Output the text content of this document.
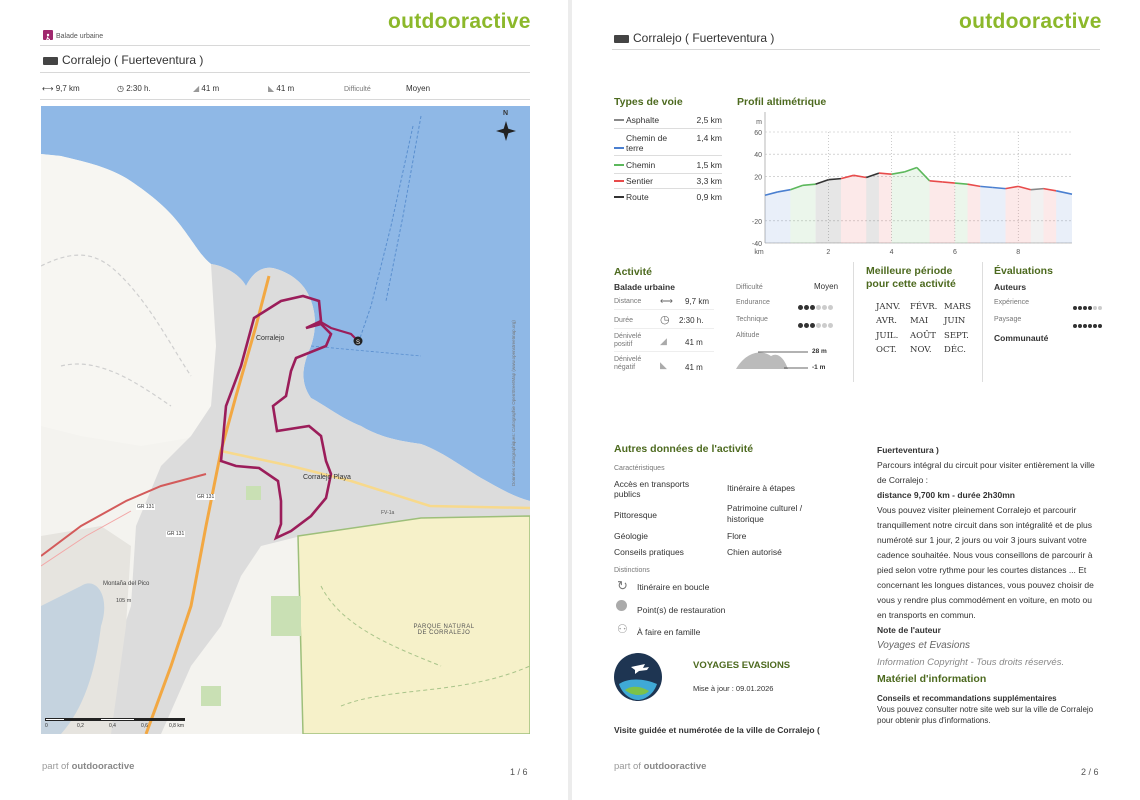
outdooractive
Balade urbaine
Corralejo ( Fuerteventura )
⟷ 9,7 km	◷ 2:30 h.	◢ 41 m	◣ 41 m	Difficulté	Moyen
S
N
Corralejo
Corralejo Playa
PARQUE NATURAL DE CORRALEJO
Montaña del Pico
105 m
GR 131
GR 131
GR 131
FV-1a
Données cartographiques: Cartographie OpenStreetMap (www.openstreetmap.org)
0	0,2	0,4	0,6	0,8 km
part of outdooractive	1 / 6
outdooractive
Corralejo ( Fuerteventura )
Types de voie
Asphalte	2,5 km
Chemin de terre
1,4 km
Chemin	1,5 km
Sentier	3,3 km
Route	0,9 km
Profil altimétrique
60
40
20
-20
-40
m
km	2	4	6	8
Activité
Balade urbaine
Distance ⟷ 9,7 km
Durée ◷ 2:30 h.
Dénivelé positif	◢ 41 m
Dénivelé négatif	◣ 41 m
Difficulté	Moyen
Endurance
Technique
Altitude
28 m
-1 m
Meilleure période pour cette activité
JANV. FÉVR. MARS
AVR. MAI JUIN
JUIL. AOÛT SEPT.
OCT. NOV. DÉC.
Évaluations
Auteurs
Expérience
Paysage
Communauté
Autres données de l'activité
Caractéristiques
Accès en transports publics
Itinéraire à étapes
Pittoresque
Patrimoine culturel / historique
Géologie	Flore
Conseils pratiques	Chien autorisé
Distinctions
↻ Itinéraire en boucle
Point(s) de restauration
⚇ À faire en famille
VOYAGES EVASIONS
Mise à jour : 09.01.2026
Visite guidée et numérotée de la ville de Corralejo (
Fuerteventura )
Parcours intégral du circuit pour visiter entièrement la ville de Corralejo :
distance 9,700 km - durée 2h30mn
Vous pouvez visiter pleinement Corralejo et parcourir tranquillement notre circuit dans son intégralité et de plus numéroté sur 1 jour, 2 jours ou voir 3 jours suivant votre cadence souhaitée. Nous vous conseillons de parcourir à pied selon votre rythme pour les courtes distances ... Et concernant les longues distances, vous pouvez choisir de vous y rendre plus commodément en voiture, en moto ou en transports en commun.
Note de l'auteur
Voyages et Evasions
Information Copyright - Tous droits réservés.
Matériel d'information
Conseils et recommandations supplémentaires
Vous pouvez consulter notre site web sur la ville de Corralejo pour obtenir plus d'informations.
part of outdooractive	2 / 6
